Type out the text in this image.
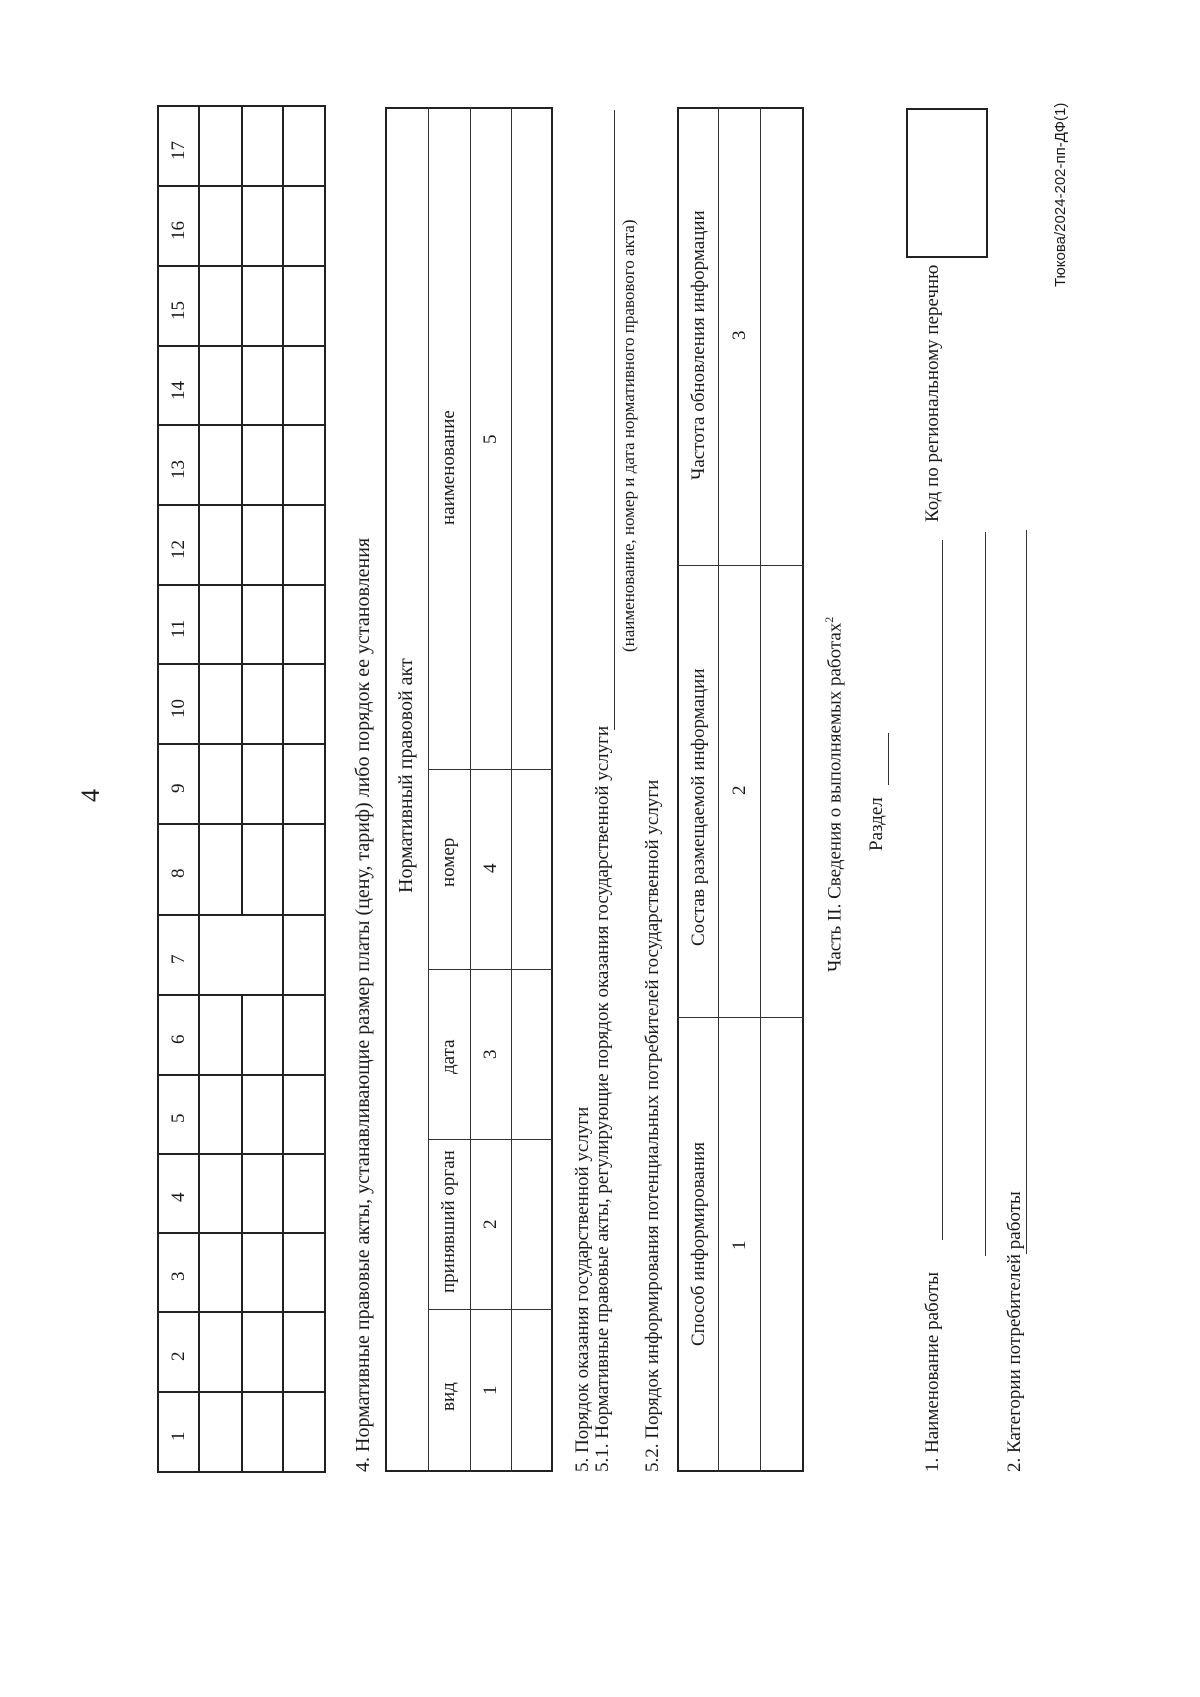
4
1
2
3
4
5
6
7
8
9
10
11
12
13
14
15
16
17
4. Нормативные правовые акты, устанавливающие размер платы (цену, тариф) либо порядок ее установления Нормативный правовой акт
вид
принявший орган
дата
номер
наименование
1
2
3
4
5
5. Порядок оказания государственной услуги 5.1. Нормативные правовые акты, регулирующие порядок оказания государственной услуги
(наименование, номер и дата нормативного правового акта)
5.2. Порядок информирования потенциальных потребителей государственной услуги Способ информирования
Состав размещаемой информации
Частота обновления информации
1
2
3
Часть II. Сведения о выполняемых работах$^2$
Раздел
1. Наименование работы
Код по региональному перечню
2. Категории потребителей работы
Тюкова/2024-202-пп-ДФ(1)
